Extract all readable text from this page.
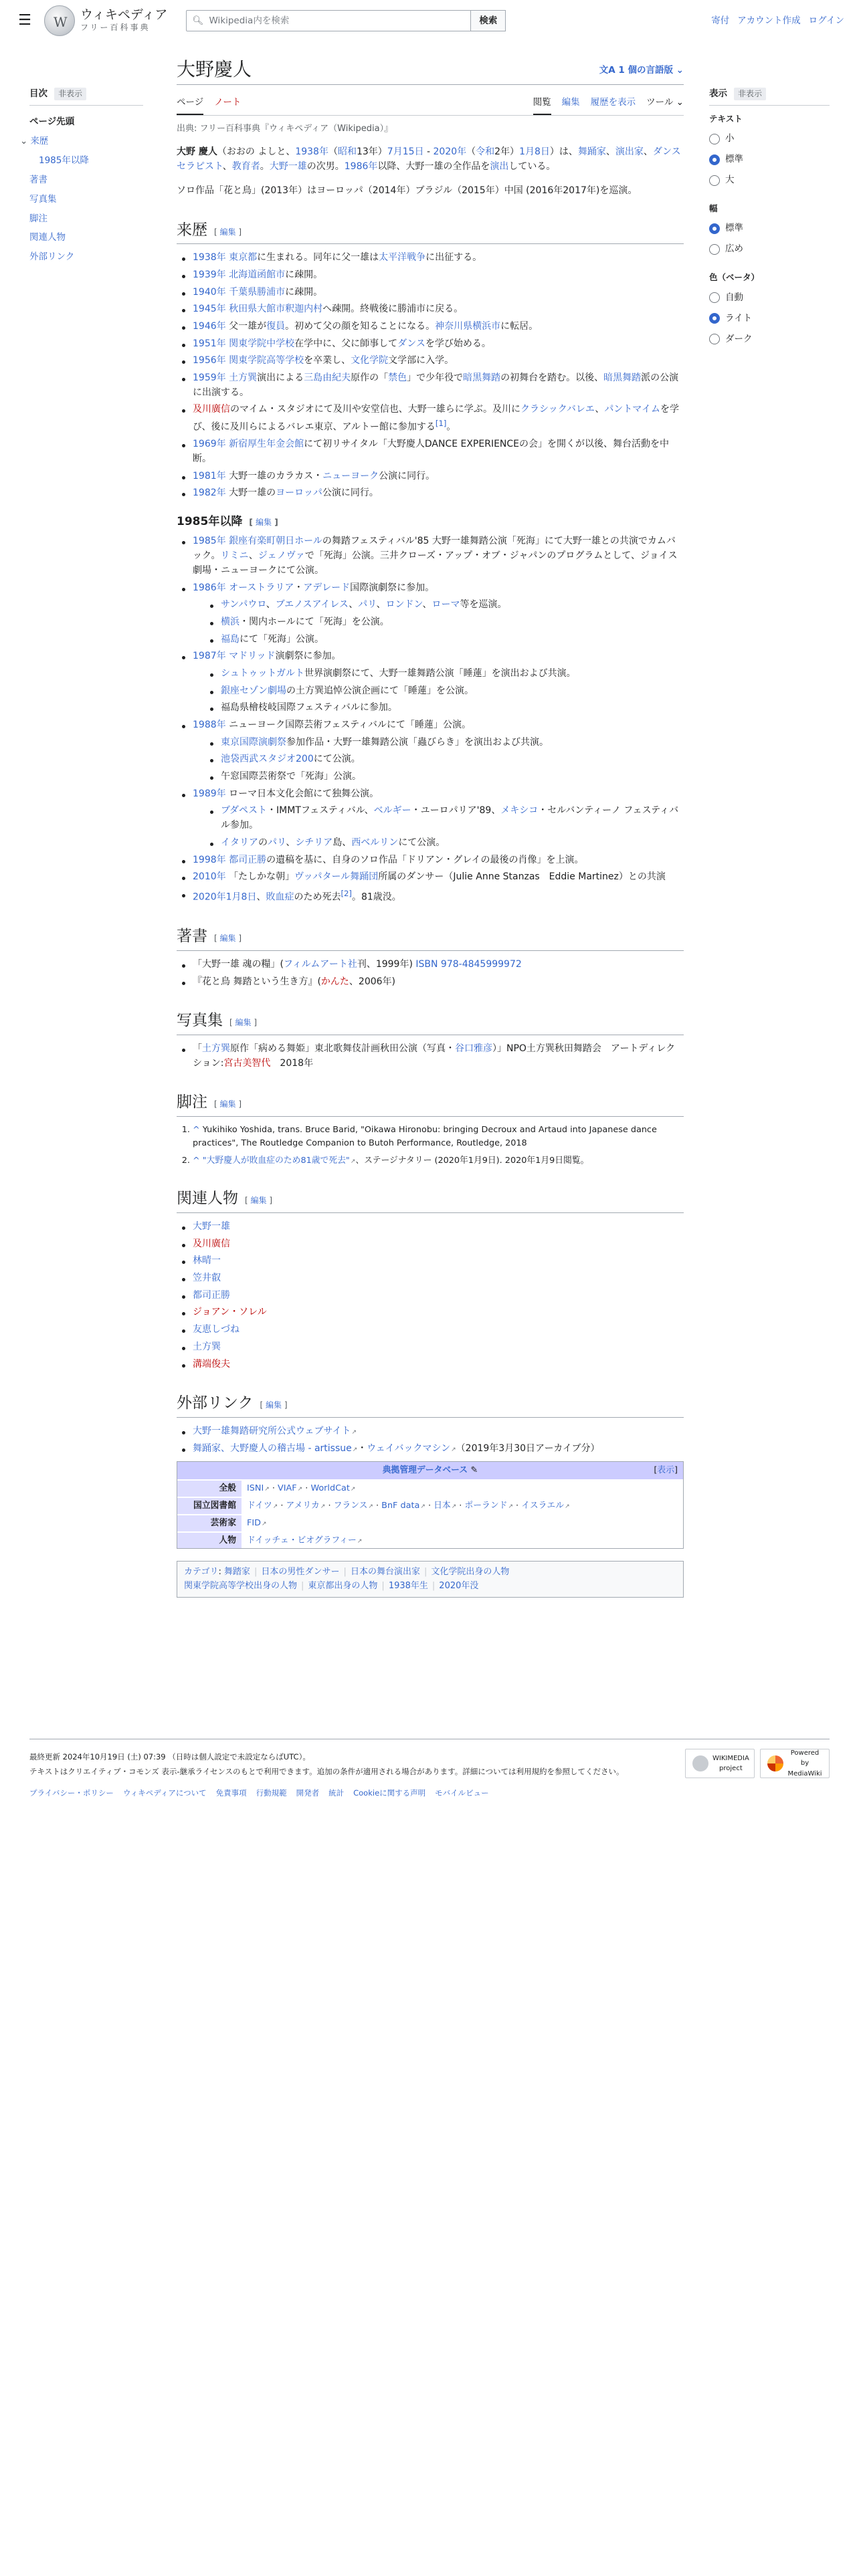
☰
W	ウィキペディア
フリー百科事典
🔍︎ Wikipedia内を検索	検索	寄付 アカウント作成 ログイン
目次	非表示
ページ先頭
⌄ 来歴
1985年以降
著書
写真集
脚注
関連人物
外部リンク
大野慶人	文A 1 個の言語版 ⌄
ページ ノート	閲覧 編集 履歴を表示 ツール ⌄
出典: フリー百科事典『ウィキペディア（Wikipedia）』

大野 慶人（おおの よしと、1938年（昭和13年）7月15日 - 2020年（令和2年）1月8日）は、舞踊家、演出家、ダンスセラピスト、教育者。大野一雄の次男。1986年以降、大野一雄の全作品を演出している。

ソロ作品「花と鳥」(2013年）はヨーロッパ（2014年）ブラジル（2015年）中国 (2016年2017年)を巡演。

来歴 [ 編集 ]
1938年 東京都に生まれる。同年に父一雄は太平洋戦争に出征する。
1939年 北海道函館市に疎開。
1940年 千葉県勝浦市に疎開。
1945年 秋田県大館市釈迦内村へ疎開。終戦後に勝浦市に戻る。
1946年 父一雄が復員。初めて父の顔を知ることになる。神奈川県横浜市に転居。
1951年 関東学院中学校在学中に、父に師事してダンスを学び始める。
1956年 関東学院高等学校を卒業し、文化学院文学部に入学。
1959年 土方巽演出による三島由紀夫原作の「禁色」で少年役で暗黒舞踏の初舞台を踏む。以後、暗黒舞踏派の公演に出演する。
及川廣信のマイム・スタジオにて及川や安堂信也、大野一雄らに学ぶ。及川にクラシックバレエ、パントマイムを学び、後に及川らによるバレエ東京、アルトー館に参加する[1]。
1969年 新宿厚生年金会館にて初リサイタル「大野慶人DANCE EXPERIENCEの会」を開くが以後、舞台活動を中断。
1981年 大野一雄のカラカス・ニューヨーク公演に同行。
1982年 大野一雄のヨーロッパ公演に同行。
1985年以降 [ 編集 ]
1985年 銀座有楽町朝日ホールの舞踏フェスティバル'85 大野一雄舞踏公演「死海」にて大野一雄との共演でカムバック。リミニ、ジェノヴァで「死海」公演。三井クローズ・アップ・オブ・ジャパンのプログラムとして、ジョイス劇場・ニューヨークにて公演。
1986年 オーストラリア・アデレード国際演劇祭に参加。
サンパウロ、ブエノスアイレス、パリ、ロンドン、ローマ等を巡演。
横浜・関内ホールにて「死海」を公演。
福島にて「死海」公演。
1987年 マドリッド演劇祭に参加。
シュトゥットガルト世界演劇祭にて、大野一雄舞踏公演「睡蓮」を演出および共演。
銀座セゾン劇場の土方巽追悼公演企画にて「睡蓮」を公演。
福島県檜枝岐国際フェスティバルに参加。
1988年 ニューヨーク国際芸術フェスティバルにて「睡蓮」公演。
東京国際演劇祭参加作品・大野一雄舞踏公演「蟲びらき」を演出および共演。
池袋西武スタジオ200にて公演。
午窓国際芸術祭で「死海」公演。
1989年 ローマ日本文化会館にて独舞公演。
ブダペスト・IMMTフェスティバル、ベルギー・ユーロパリア'89、メキシコ・セルバンティーノ フェスティバル参加。
イタリアのパリ、シチリア島、西ベルリンにて公演。
1998年 都司正勝の遺稿を基に、自身のソロ作品「ドリアン・グレイの最後の肖像」を上演。
2010年 「たしかな朝」ヴッパタール舞踊団所属のダンサー（Julie Anne Stanzas　Eddie Martinez）との共演
2020年1月8日、敗血症のため死去[2]。81歳没。
著書 [ 編集 ]
「大野一雄 魂の糧」(フィルムアート社刊、1999年) ISBN 978-4845999972
『花と鳥 舞踏という生き方』(かんた、2006年)
写真集 [ 編集 ]
「土方巽原作「病める舞姫」東北歌舞伎計画秋田公演（写真・谷口雅彦）」NPO土方巽秋田舞踏会　アートディレクション:宮古美智代　2018年
脚注 [ 編集 ]
1. ^ Yukihiko Yoshida, trans. Bruce Barid, "Oikawa Hironobu: bringing Decroux and Artaud into Japanese dance practices", The Routledge Companion to Butoh Performance, Routledge, 2018
2. ^ "大野慶人が敗血症のため81歳で死去" ↗ 、ステージナタリー (2020年1月9日). 2020年1月9日閲覧。
関連人物 [ 編集 ]
大野一雄
及川廣信
林晴一
笠井叡
都司正勝
ジョアン・ソレル
友恵しづね
土方巽
溝端俊夫
外部リンク [ 編集 ]
大野一雄舞踏研究所公式ウェブサイト ↗
舞踊家、大野慶人の稽古場 - artissue ↗ ・ウェイバックマシン ↗ （2019年3月30日アーカイブ分）
典拠管理データベース ✎	[表示]
全般	ISNI ↗ · VIAF ↗ · WorldCat ↗
国立図書館	ドイツ ↗ · アメリカ ↗ · フランス ↗ · BnF data ↗ · 日本 ↗ · ポーランド ↗ · イスラエル ↗
芸術家	FID ↗
人物	ドイッチェ・ビオグラフィー ↗
カテゴリ: 舞踏家 | 日本の男性ダンサー | 日本の舞台演出家 | 文化学院出身の人物
関東学院高等学校出身の人物 | 東京都出身の人物 | 1938年生 | 2020年没
表示	非表示
テキスト
小
標準
大
幅
標準
広め
色（ベータ）
自動
ライト
ダーク

最終更新 2024年10月19日 (土) 07:39 （日時は個人設定で未設定ならばUTC）。

テキストはクリエイティブ・コモンズ 表示-継承ライセンスのもとで利用できます。追加の条件が適用される場合があります。詳細については利用規約を参照してください。

プライバシー・ポリシー ウィキペディアについて 免責事項 行動規範 開発者 統計 Cookieに関する声明 モバイルビュー
WIKIMEDIA project
Powered by MediaWiki
